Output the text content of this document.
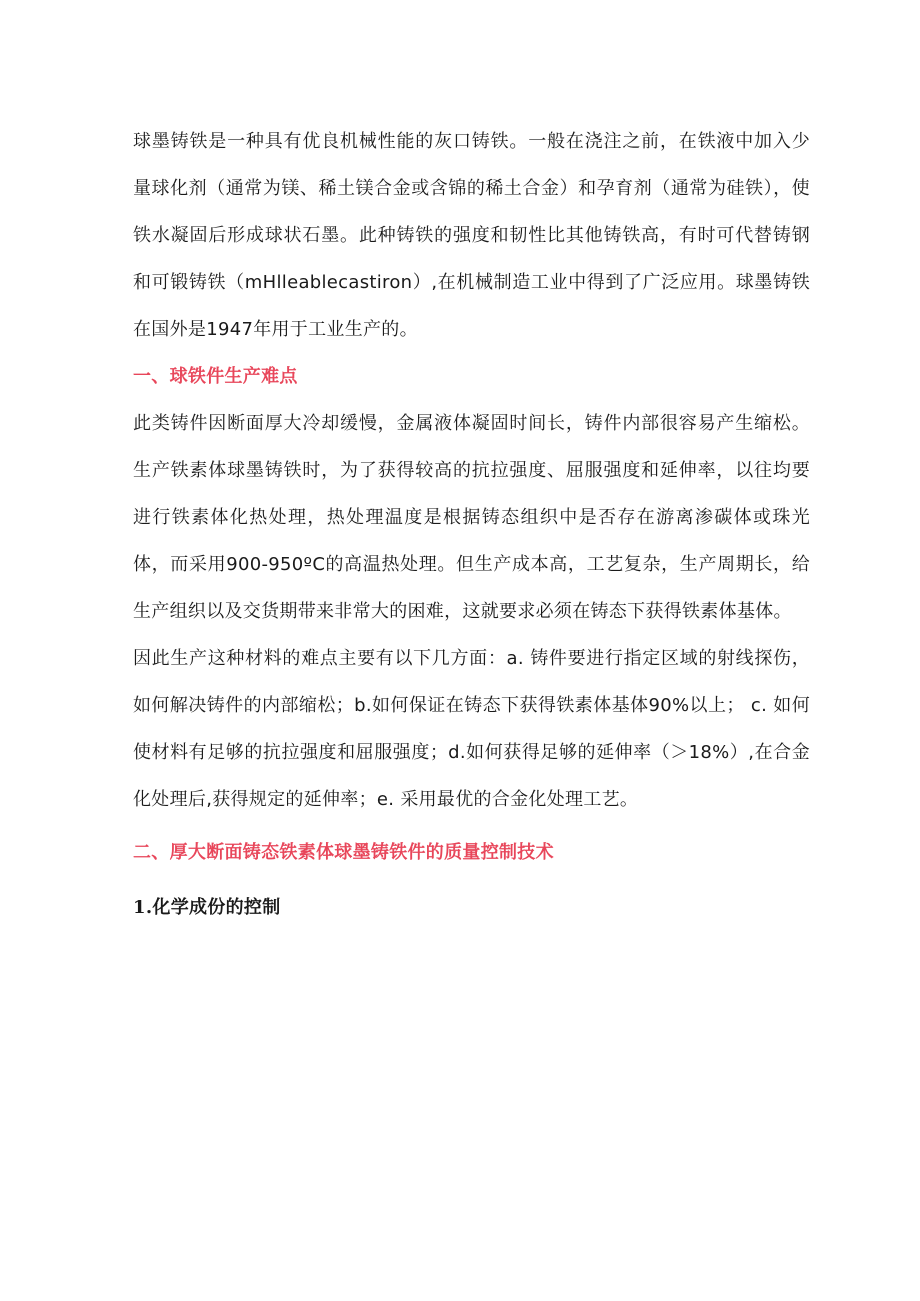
球墨铸铁是一种具有优良机械性能的灰口铸铁。一般在浇注之前，在铁液中加入少量球化剂（通常为镁、稀土镁合金或含锦的稀土合金）和孕育剂（通常为硅铁），使铁水凝固后形成球状石墨。此种铸铁的强度和韧性比其他铸铁高，有时可代替铸钢和可锻铸铁（mHlleablecastiron）,在机械制造工业中得到了广泛应用。球墨铸铁在国外是1947年用于工业生产的。

一、球铁件生产难点

此类铸件因断面厚大冷却缓慢，金属液体凝固时间长，铸件内部很容易产生缩松。生产铁素体球墨铸铁时，为了获得较高的抗拉强度、屈服强度和延伸率，以往均要进行铁素体化热处理，热处理温度是根据铸态组织中是否存在游离渗碳体或珠光体，而采用900-950ºC的高温热处理。但生产成本高，工艺复杂，生产周期长，给生产组织以及交货期带来非常大的困难，这就要求必须在铸态下获得铁素体基体。

因此生产这种材料的难点主要有以下几方面：a. 铸件要进行指定区域的射线探伤，如何解决铸件的内部缩松；b.如何保证在铸态下获得铁素体基体90%以上； c. 如何使材料有足够的抗拉强度和屈服强度；d.如何获得足够的延伸率（＞18%）,在合金化处理后,获得规定的延伸率；e. 采用最优的合金化处理工艺。

二、厚大断面铸态铁素体球墨铸铁件的质量控制技术
1.化学成份的控制
